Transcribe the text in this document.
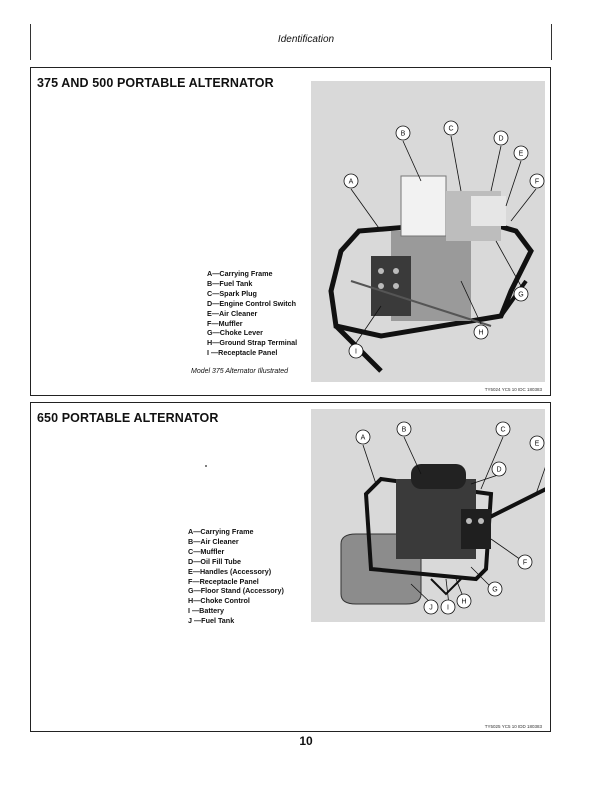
Identification
375 AND 500 PORTABLE ALTERNATOR
A
B
C
D
E
F
G
H
I
A—Carrying Frame
B—Fuel Tank
C—Spark Plug
D—Engine Control Switch
E—Air Cleaner
F—Muffler
G—Choke Lever
H—Ground Strap Terminal
I —Receptacle Panel
Model 375 Alternator Illustrated
TY5024 YC5 10 IDC 180383
650 PORTABLE ALTERNATOR
A
B	C
D
E
F
G
H
I
J
A—Carrying Frame
B—Air Cleaner
C—Muffler
D—Oil Fill Tube
E—Handles (Accessory)
F—Receptacle Panel
G—Floor Stand (Accessory)
H—Choke Control
I —Battery
J —Fuel Tank
TY5025 YC5 10 IDD 180383
10
